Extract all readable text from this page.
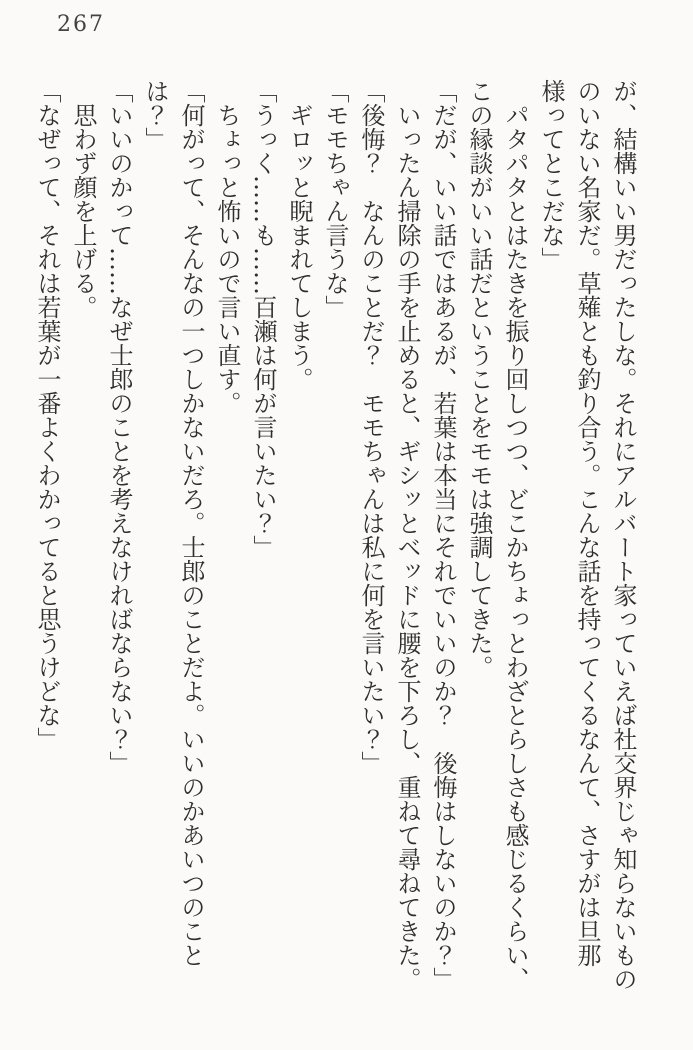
267

が、結構いい男だったしな。それにアルバート家っていえば社交界じゃ知らないもののいない名家だ。草薙とも釣り合う。こんな話を持ってくるなんて、さすがは旦那様ってとこだな」

パタパタとはたきを振り回しつつ、どこかちょっとわざとらしさも感じるくらい、この縁談がいい話だということをモモは強調してきた。

「だが、いい話ではあるが、若葉は本当にそれでいいのか？　後悔はしないのか？」

いったん掃除の手を止めると、ギシッとベッドに腰を下ろし、重ねて尋ねてきた。

「後悔？　なんのことだ？　モモちゃんは私に何を言いたい？」

「モモちゃん言うな」

ギロッと睨まれてしまう。

「うっく……も……百瀬は何が言いたい？」

ちょっと怖いので言い直す。

「何がって、そんなの一つしかないだろ。士郎のことだよ。いいのかあいつのことは？」

「いいのかって……なぜ士郎のことを考えなければならない？」

思わず顔を上げる。

「なぜって、それは若葉が一番よくわかってると思うけどな」
